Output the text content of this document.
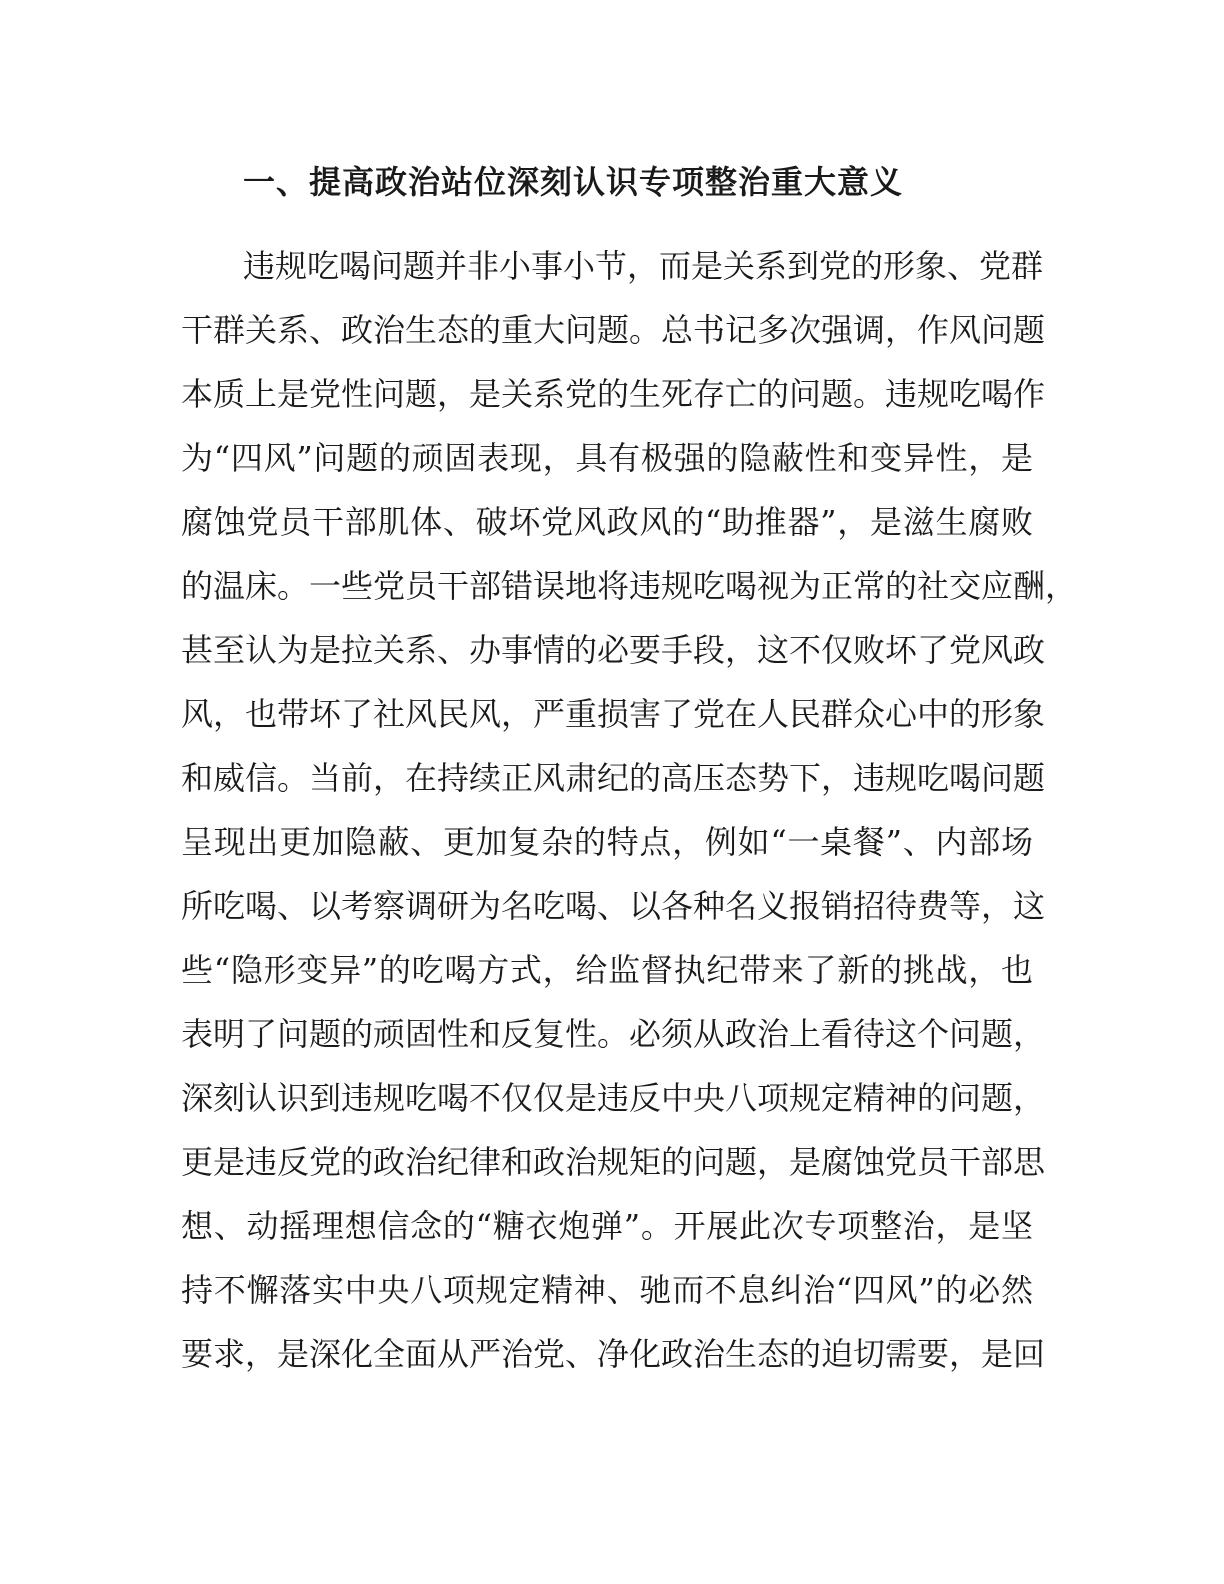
一、提高政治站位深刻认识专项整治重大意义
违规吃喝问题并非小事小节，而是关系到党的形象、党群
干群关系、政治生态的重大问题。总书记多次强调，作风问题
本质上是党性问题，是关系党的生死存亡的问题。违规吃喝作
为“四风”问题的顽固表现，具有极强的隐蔽性和变异性，是
腐蚀党员干部肌体、破坏党风政风的“助推器”，是滋生腐败
的温床。一些党员干部错误地将违规吃喝视为正常的社交应酬，
甚至认为是拉关系、办事情的必要手段，这不仅败坏了党风政
风，也带坏了社风民风，严重损害了党在人民群众心中的形象
和威信。当前，在持续正风肃纪的高压态势下，违规吃喝问题
呈现出更加隐蔽、更加复杂的特点，例如“一桌餐”、内部场
所吃喝、以考察调研为名吃喝、以各种名义报销招待费等，这
些“隐形变异”的吃喝方式，给监督执纪带来了新的挑战，也
表明了问题的顽固性和反复性。必须从政治上看待这个问题，
深刻认识到违规吃喝不仅仅是违反中央八项规定精神的问题，
更是违反党的政治纪律和政治规矩的问题，是腐蚀党员干部思
想、动摇理想信念的“糖衣炮弹”。开展此次专项整治，是坚
持不懈落实中央八项规定精神、驰而不息纠治“四风”的必然
要求，是深化全面从严治党、净化政治生态的迫切需要，是回
